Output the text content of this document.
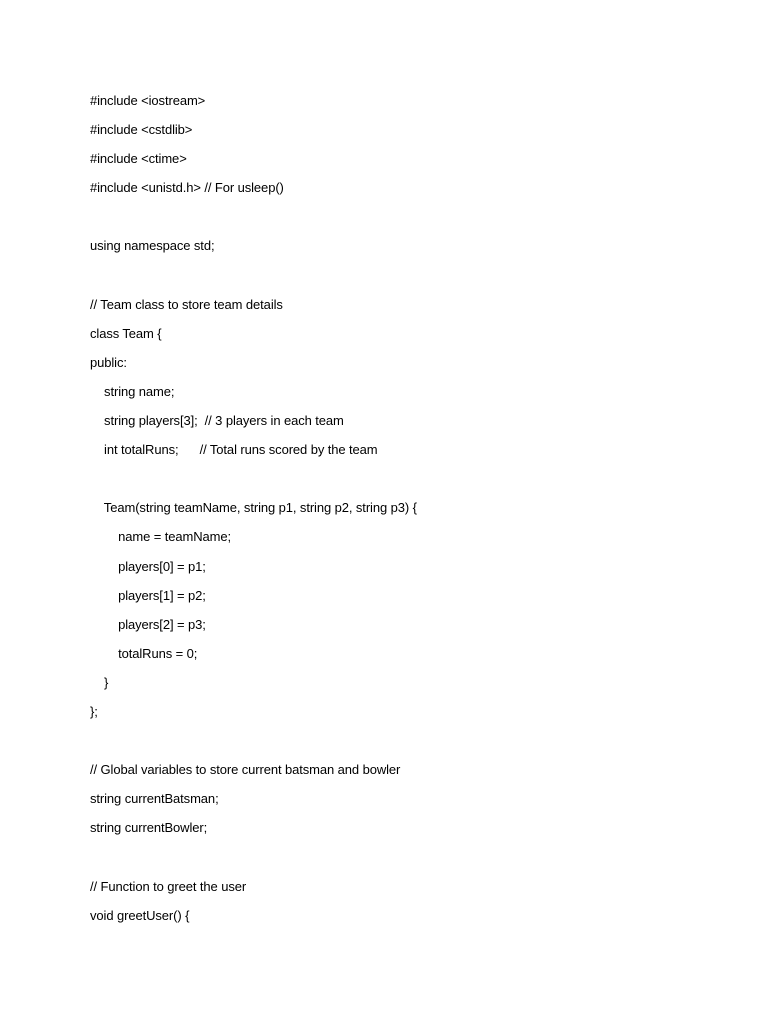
#include <iostream>
#include <cstdlib>
#include <ctime>
#include <unistd.h> // For usleep()
using namespace std;
// Team class to store team details
class Team {
public:
string name;
string players[3];  // 3 players in each team
int totalRuns;      // Total runs scored by the team
Team(string teamName, string p1, string p2, string p3) {
name = teamName;
players[0] = p1;
players[1] = p2;
players[2] = p3;
totalRuns = 0;
}
};
// Global variables to store current batsman and bowler
string currentBatsman;
string currentBowler;
// Function to greet the user
void greetUser() {
